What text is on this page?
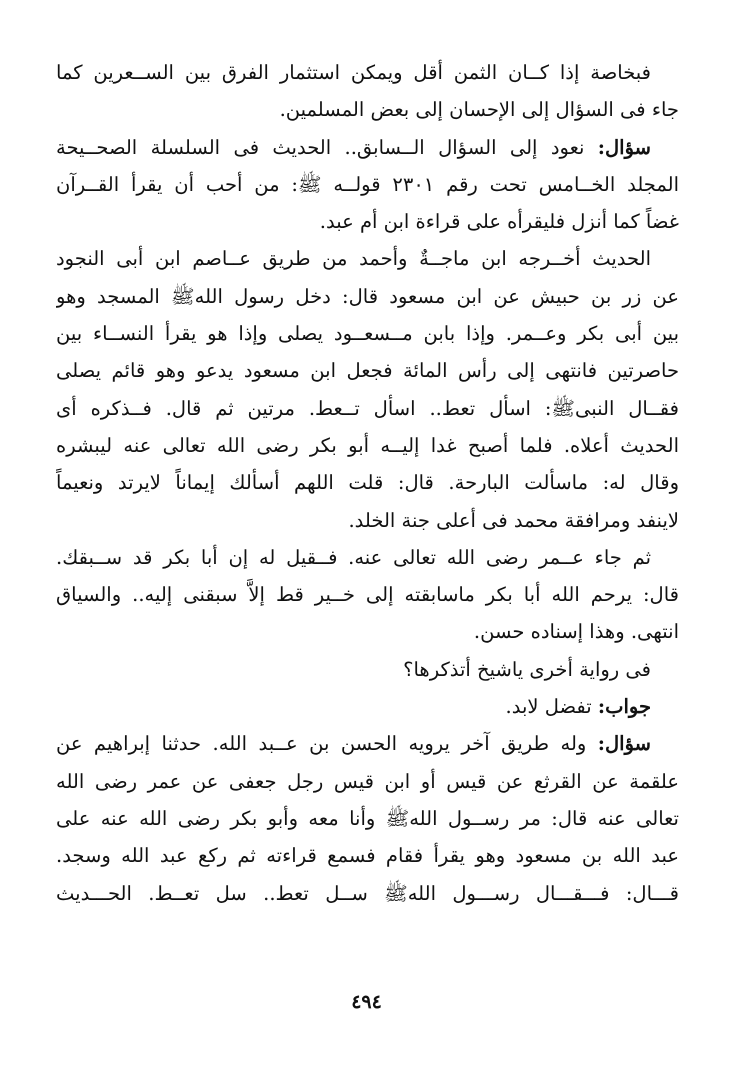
فبخاصة إذا كــان الثمن أقل ويمكن استثمار الفرق بين الســعرين كما
جاء فى السؤال إلى الإحسان إلى بعض المسلمين.
سؤال: نعود إلى السؤال الــسابق.. الحديث فى السلسلة الصحــيحة
المجلد الخــامس تحت رقم ٢٣٠١ قولــه ﷺ: من أحب أن يقرأ القــرآن
غضاً كما أنزل فليقرأه على قراءة ابن أم عبد.
الحديث أخــرجه ابن ماجــةٌ وأحمد من طريق عــاصم ابن أبى النجود
عن زر بن حبيش عن ابن مسعود قال: دخل رسول اللهﷺ المسجد وهو
بين أبى بكر وعــمر. وإذا بابن مــسعــود يصلى وإذا هو يقرأ النســاء بين
حاصرتين فانتهى إلى رأس المائة فجعل ابن مسعود يدعو وهو قائم يصلى
فقــال النبىﷺ: اسأل تعط.. اسأل تــعط. مرتين ثم قال. فــذكره أى
الحديث أعلاه. فلما أصبح غدا إليــه أبو بكر رضى الله تعالى عنه ليبشره
وقال له: ماسألت البارحة. قال: قلت اللهم أسألك إيماناً لايرتد ونعيماً
لاينفد ومرافقة محمد فى أعلى جنة الخلد.
ثم جاء عــمر رضى الله تعالى عنه. فــقيل له إن أبا بكر قد ســبقك.
قال: يرحم الله أبا بكر ماسابقته إلى خــير قط إلاَّ سبقنى إليه.. والسياق
انتهى. وهذا إسناده حسن.
فى رواية أخرى ياشيخ أتذكرها؟
جواب: تفضل لابد.
سؤال: وله طريق آخر يرويه الحسن بن عــبد الله. حدثنا إبراهيم عن
علقمة عن القرثع عن قيس أو ابن قيس رجل جعفى عن عمر رضى الله
تعالى عنه قال: مر رســول اللهﷺ وأنا معه وأبو بكر رضى الله عنه على
عبد الله بن مسعود وهو يقرأ فقام فسمع قراءته ثم ركع عبد الله وسجد.
قـــال: فـــقـــال رســـول اللهﷺ ســل تعط.. سل تعــط. الحـــديث
٤٩٤
